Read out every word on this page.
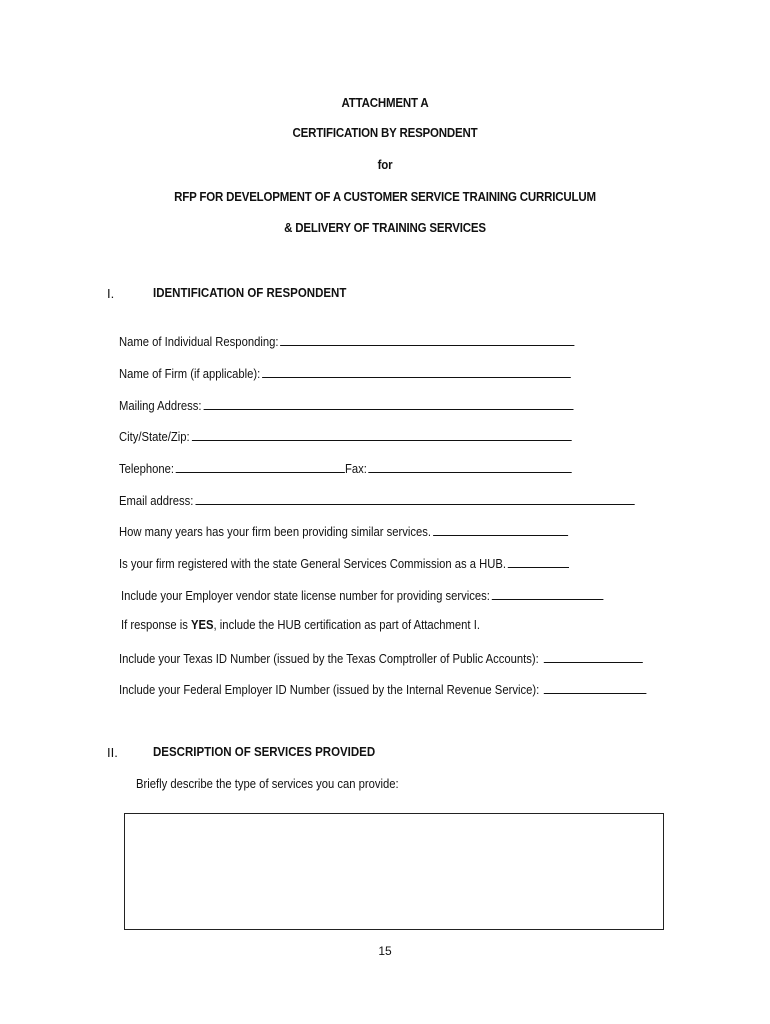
ATTACHMENT A
CERTIFICATION BY RESPONDENT
for
RFP FOR DEVELOPMENT OF A CUSTOMER SERVICE TRAINING CURRICULUM
& DELIVERY OF TRAINING SERVICES
I.	IDENTIFICATION OF RESPONDENT
Name of Individual Responding:
Name of Firm (if applicable):
Mailing Address:
City/State/Zip:
Telephone:	Fax:
Email address:
How many years has your firm been providing similar services.
Is your firm registered with the state General Services Commission as a HUB.
Include your Employer vendor state license number for providing services:
If response is YES, include the HUB certification as part of Attachment I.
Include your Texas ID Number (issued by the Texas Comptroller of Public Accounts):
Include your Federal Employer ID Number (issued by the Internal Revenue Service):
II.	DESCRIPTION OF SERVICES PROVIDED
Briefly describe the type of services you can provide:
15
